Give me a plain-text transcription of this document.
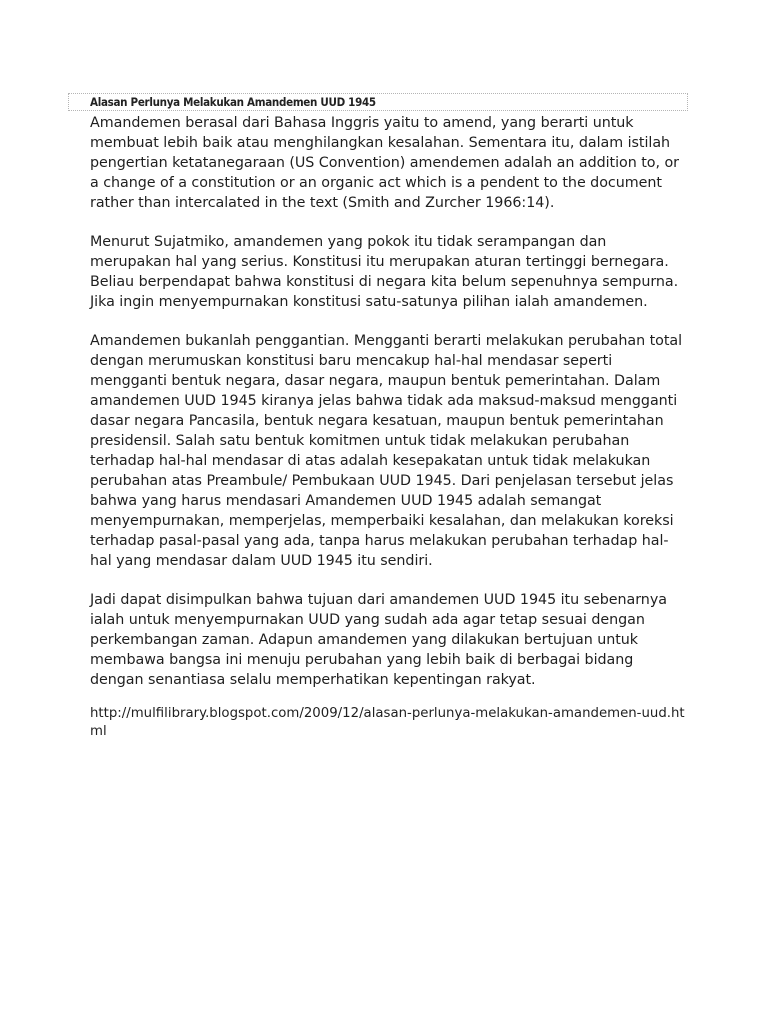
Alasan Perlunya Melakukan Amandemen UUD 1945

Amandemen berasal dari Bahasa Inggris yaitu to amend, yang berarti untuk membuat lebih baik atau menghilangkan kesalahan. Sementara itu, dalam istilah pengertian ketatanegaraan (US Convention) amendemen adalah an addition to, or a change of a constitution or an organic act which is a pendent to the document rather than intercalated in the text (Smith and Zurcher 1966:14).

Menurut Sujatmiko, amandemen yang pokok itu tidak serampangan dan merupakan hal yang serius. Konstitusi itu merupakan aturan tertinggi bernegara. Beliau berpendapat bahwa konstitusi di negara kita belum sepenuhnya sempurna. Jika ingin menyempurnakan konstitusi satu-satunya pilihan ialah amandemen.

Amandemen bukanlah penggantian. Mengganti berarti melakukan perubahan total dengan merumuskan konstitusi baru mencakup hal-hal mendasar seperti mengganti bentuk negara, dasar negara, maupun bentuk pemerintahan. Dalam amandemen UUD 1945 kiranya jelas bahwa tidak ada maksud-maksud mengganti dasar negara Pancasila, bentuk negara kesatuan, maupun bentuk pemerintahan presidensil. Salah satu bentuk komitmen untuk tidak melakukan perubahan terhadap hal-hal mendasar di atas adalah kesepakatan untuk tidak melakukan perubahan atas Preambule/ Pembukaan UUD 1945. Dari penjelasan tersebut jelas bahwa yang harus mendasari Amandemen UUD 1945 adalah semangat menyempurnakan, memperjelas, memperbaiki kesalahan, dan melakukan koreksi terhadap pasal-pasal yang ada, tanpa harus melakukan perubahan terhadap hal-hal yang mendasar dalam UUD 1945 itu sendiri.

Jadi dapat disimpulkan bahwa tujuan dari amandemen UUD 1945 itu sebenarnya ialah untuk menyempurnakan UUD yang sudah ada agar tetap sesuai dengan perkembangan zaman. Adapun amandemen yang dilakukan bertujuan untuk membawa bangsa ini menuju perubahan yang lebih baik di berbagai bidang dengan senantiasa selalu memperhatikan kepentingan rakyat.

http://mulfilibrary.blogspot.com/2009/12/alasan-perlunya-melakukan-amandemen-uud.html
